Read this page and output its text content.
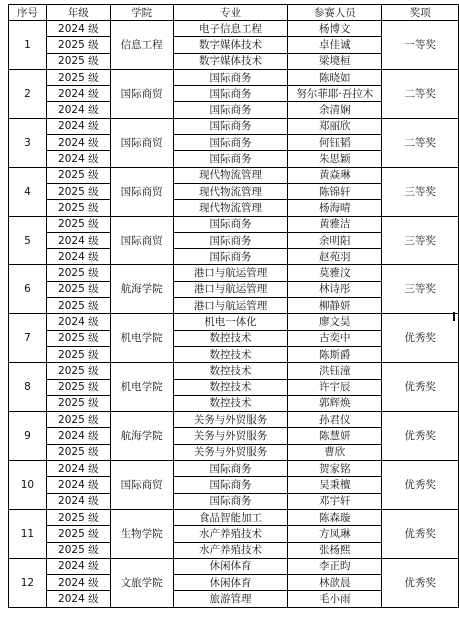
序号	年级	学院	专业	参赛人员	奖项
1	2024 级	信息工程	电子信息工程	杨博文	一等奖
	2025 级		数字媒体技术	卓佳诚	
	2025 级		数字媒体技术	梁境桓	
2	2025 级	国际商贸	国际商务	陈晓如	二等奖
	2024 级		国际商务	努尔菲耶·吾拉木	
	2024 级		国际商务	余清娴	
3	2024 级	国际商贸	国际商务	郑丽欣	二等奖
	2024 级		国际商务	何钰韬	
	2024 级		国际商务	朱思颖	
4	2025 级	国际商贸	现代物流管理	黄焱琳	三等奖
	2025 级		现代物流管理	陈锦轩	
	2025 级		现代物流管理	杨海晴	
5	2025 级	国际商贸	国际商务	黄雅洁	三等奖
	2024 级		国际商务	余明阳	
	2024 级		国际商务	赵苑羽	
6	2025 级	航海学院	港口与航运管理	莫雅汶	三等奖
	2025 级		港口与航运管理	林诗彤	
	2025 级		港口与航运管理	柳静妍	
7	2024 级	机电学院	机电一体化	廖文昊	优秀奖
	2025 级		数控技术	古奕中	
	2025 级		数控技术	陈斯爵	
8	2025 级	机电学院	数控技术	洪钰潼	优秀奖
	2025 级		数控技术	许宇辰	
	2025 级		数控技术	郭辉焕	
9	2025 级	航海学院	关务与外贸服务	孙君仪	优秀奖
	2024 级		关务与外贸服务	陈慧妍	
	2025 级		关务与外贸服务	曹欣	
10	2024 级	国际商贸	国际商务	贺家铭	优秀奖
	2024 级		国际商务	吴秉檀	
	2024 级		国际商务	邓宇轩	
11	2025 级	生物学院	食品智能加工	陈森璇	优秀奖
	2025 级		水产养殖技术	方凤琳	
	2025 级		水产养殖技术	张杨熙	
12	2024 级	文旅学院	休闲体育	李正昀	优秀奖
	2024 级		休闲体育	林歆晨	
	2024 级		旅游管理	毛小雨	
